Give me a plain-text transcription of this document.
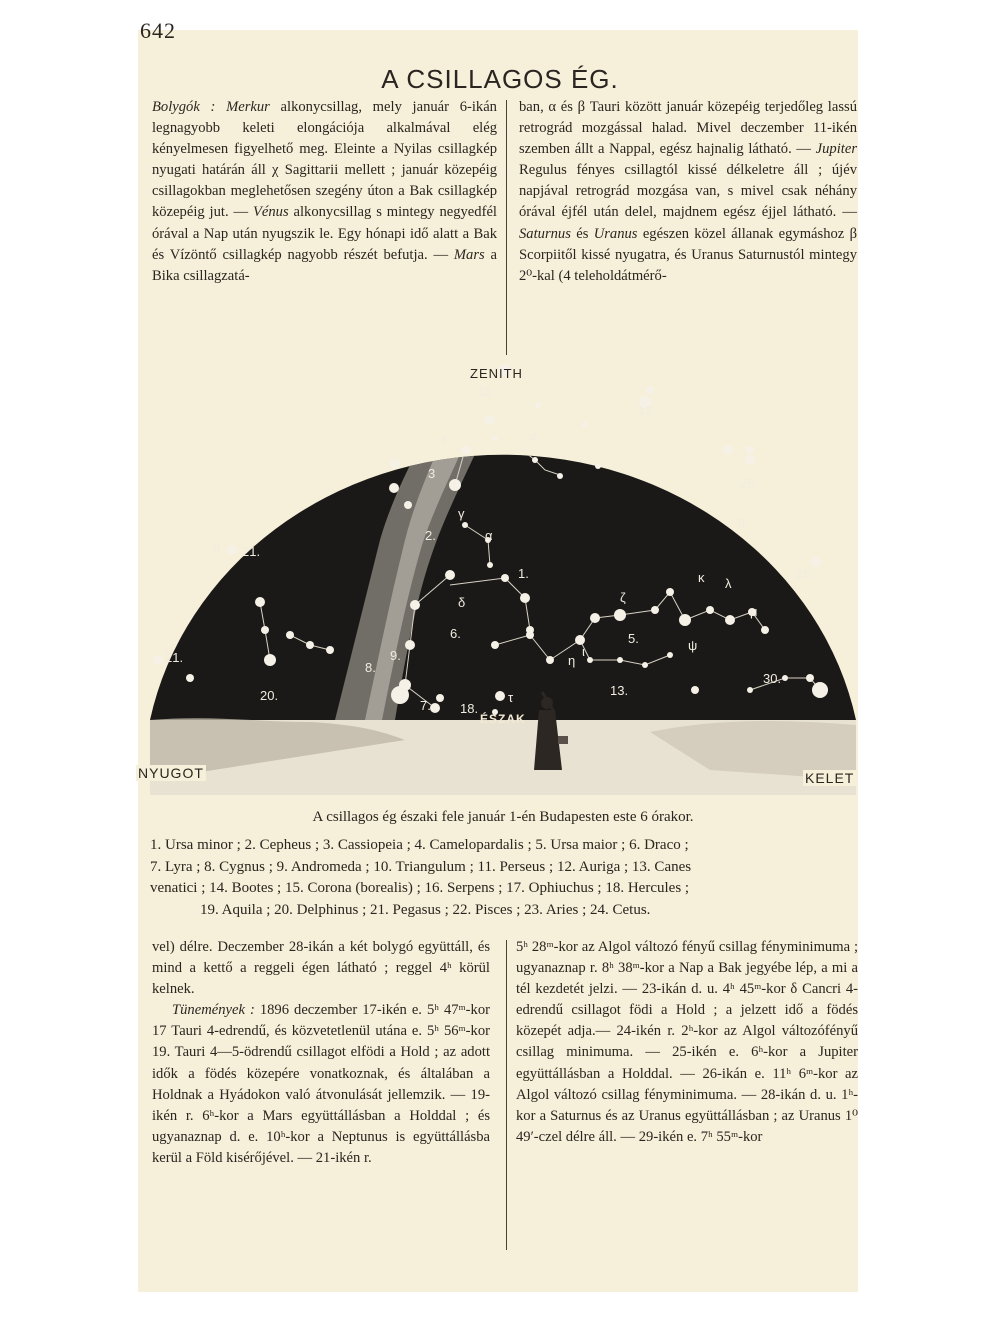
642
A CSILLAGOS ÉG.

Bolygók : Merkur alkonycsillag, mely január 6-ikán legnagyobb keleti elongációja alkalmával elég kényelmesen figyelhető meg. Eleinte a Nyilas csillagkép nyugati határán áll χ Sagittarii mellett ; január közepéig csillagokban meglehetősen szegény úton a Bak csillagkép közepéig jut. — Vénus alkonycsillag s mintegy negyedfél órával a Nap után nyugszik le. Egy hónapi idő alatt a Bak és Vízöntő csillagkép nagyobb részét befutja. — Mars a Bika csillagzatá-

ban, α és β Tauri között január közepéig terjedőleg lassú retrográd mozgással halad. Mivel deczember 11-ikén szemben állt a Nappal, egész hajnalig látható. — Jupiter Regulus fényes csillagtól kissé délkeletre áll ; újév napjával retrográd mozgása van, s mivel csak néhány órával éjfél után delel, majdnem egész éjjel látható. — Saturnus és Uranus egészen közel állanak egymáshoz β Scorpiitől kissé nyugatra, és Uranus Saturnustól mintegy 2⁰-kal (4 teleholdátmérő-

1.
2.
3
4.
5.
6.
7.
8.
9.
11.
12.
13.
18.
20.
21.
21.
26.
28.
30.
α
β
γ
δ
ε
ζ
η
θ
ι
κ λ
τ
ψ
μ
ZENITH
NYUGOT	KELET
ÉSZAK
A csillagos ég északi fele január 1-én Budapesten este 6 órakor.
1. Ursa minor ; 2. Cepheus ; 3. Cassiopeia ; 4. Camelopardalis ; 5. Ursa maior ; 6. Draco ;
7. Lyra ; 8. Cygnus ; 9. Andromeda ; 10. Triangulum ; 11. Perseus ; 12. Auriga ; 13. Canes
venatici ; 14. Bootes ; 15. Corona (borealis) ; 16. Serpens ; 17. Ophiuchus ; 18. Hercules ;
19. Aquila ; 20. Delphinus ; 21. Pegasus ; 22. Pisces ; 23. Aries ; 24. Cetus.

vel) délre. Deczember 28-ikán a két bolygó együttáll, és mind a kettő a reggeli égen látható ; reggel 4ʰ körül kelnek.

Tünemények : 1896 deczember 17-ikén e. 5ʰ 47ᵐ-kor 17 Tauri 4-edrendű, és közvetetlenül utána e. 5ʰ 56ᵐ-kor 19. Tauri 4—5-ödrendű csillagot elfödi a Hold ; az adott idők a födés közepére vonatkoznak, és általában a Holdnak a Hyádokon való átvonulását jellemzik. — 19-ikén r. 6ʰ-kor a Mars együttállásban a Holddal ; és ugyanaznap d. e. 10ʰ-kor a Neptunus is együttállásba kerül a Föld kisérőjével. — 21-ikén r.

5ʰ 28ᵐ-kor az Algol változó fényű csillag fényminimuma ; ugyanaznap r. 8ʰ 38ᵐ-kor a Nap a Bak jegyébe lép, a mi a tél kezdetét jelzi. — 23-ikán d. u. 4ʰ 45ᵐ-kor δ Cancri 4-edrendű csillagot födi a Hold ; a jelzett idő a födés közepét adja.— 24-ikén r. 2ʰ-kor az Algol változófényű csillag minimuma. — 25-ikén e. 6ʰ-kor a Jupiter együttállásban a Holddal. — 26-ikán e. 11ʰ 6ᵐ-kor az Algol változó csillag fényminimuma. — 28-ikán d. u. 1ʰ-kor a Saturnus és az Uranus együttállásban ; az Uranus 1⁰ 49′-czel délre áll. — 29-ikén e. 7ʰ 55ᵐ-kor
